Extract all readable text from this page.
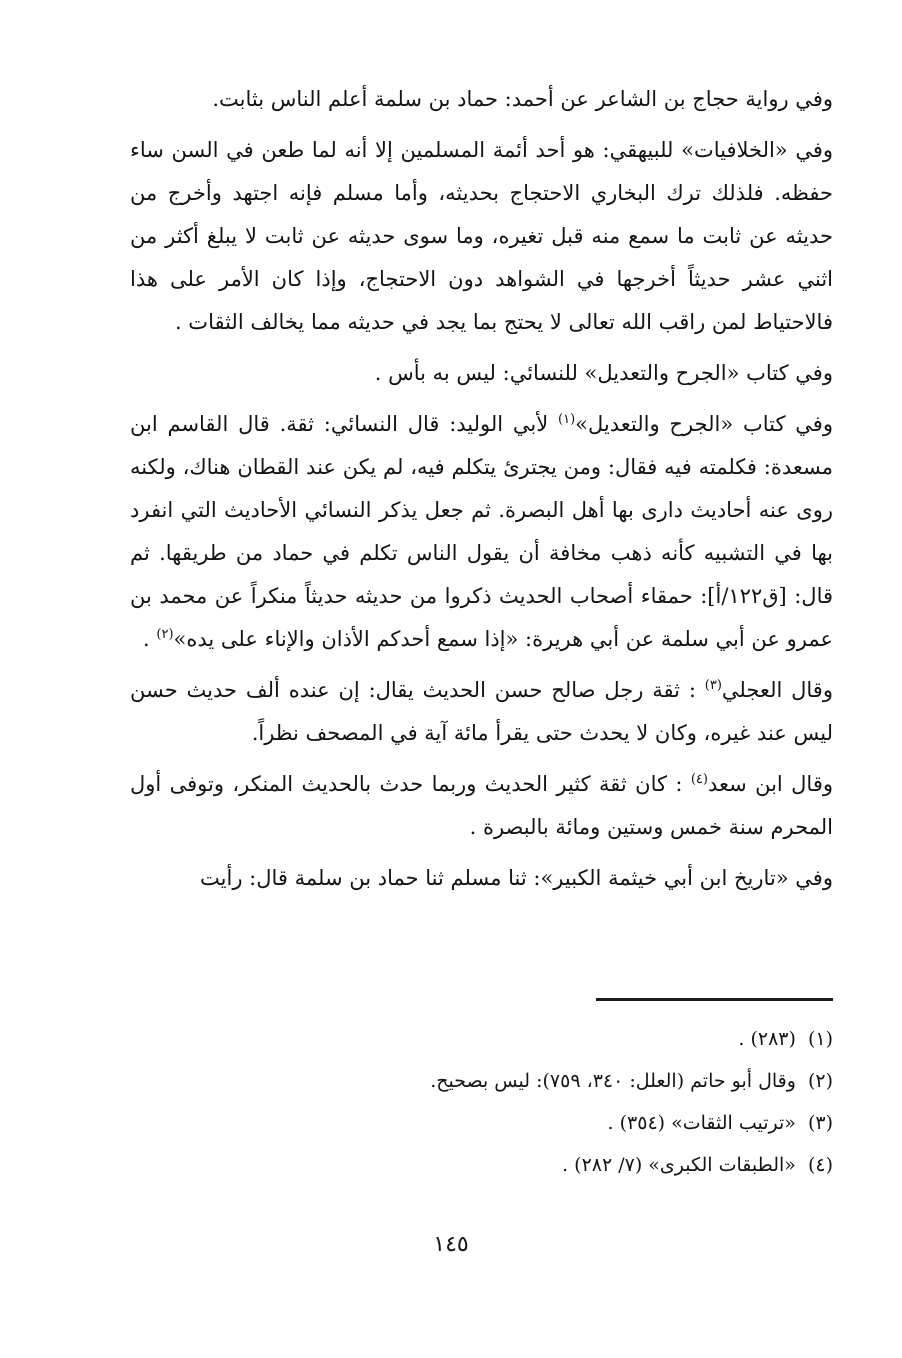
وفي رواية حجاج بن الشاعر عن أحمد: حماد بن سلمة أعلم الناس بثابت.

وفي «الخلافيات» للبيهقي: هو أحد أئمة المسلمين إلا أنه لما طعن في السن ساء حفظه. فلذلك ترك البخاري الاحتجاج بحديثه، وأما مسلم فإنه اجتهد وأخرج من حديثه عن ثابت ما سمع منه قبل تغيره، وما سوى حديثه عن ثابت لا يبلغ أكثر من اثني عشر حديثاً أخرجها في الشواهد دون الاحتجاج، وإذا كان الأمر على هذا فالاحتياط لمن راقب الله تعالى لا يحتج بما يجد في حديثه مما يخالف الثقات .

وفي كتاب «الجرح والتعديل» للنسائي: ليس به بأس .

وفي كتاب «الجرح والتعديل»$^{(١)}$ لأبي الوليد: قال النسائي: ثقة. قال القاسم ابن مسعدة: فكلمته فيه فقال: ومن يجترئ يتكلم فيه، لم يكن عند القطان هناك، ولكنه روى عنه أحاديث دارى بها أهل البصرة. ثم جعل يذكر النسائي الأحاديث التي انفرد بها في التشبيه كأنه ذهب مخافة أن يقول الناس تكلم في حماد من طريقها. ثم قال: [ق١٢٢/أ]: حمقاء أصحاب الحديث ذكروا من حديثه حديثاً منكراً عن محمد بن عمرو عن أبي سلمة عن أبي هريرة: «إذا سمع أحدكم الأذان والإناء على يده»$^{(٢)}$ .

وقال العجلي$^{(٣)}$ : ثقة رجل صالح حسن الحديث يقال: إن عنده ألف حديث حسن ليس عند غيره، وكان لا يحدث حتى يقرأ مائة آية في المصحف نظراً.

وقال ابن سعد$^{(٤)}$ : كان ثقة كثير الحديث وربما حدث بالحديث المنكر، وتوفى أول المحرم سنة خمس وستين ومائة بالبصرة .

وفي «تاريخ ابن أبي خيثمة الكبير»: ثنا مسلم ثنا حماد بن سلمة قال: رأيت

(١)(٢٨٣) .

(٢)وقال أبو حاتم (العلل: ٣٤٠، ٧٥٩): ليس بصحيح.

(٣)«ترتيب الثقات» (٣٥٤) .

(٤)«الطبقات الكبرى» (٧/ ٢٨٢) .

١٤٥
